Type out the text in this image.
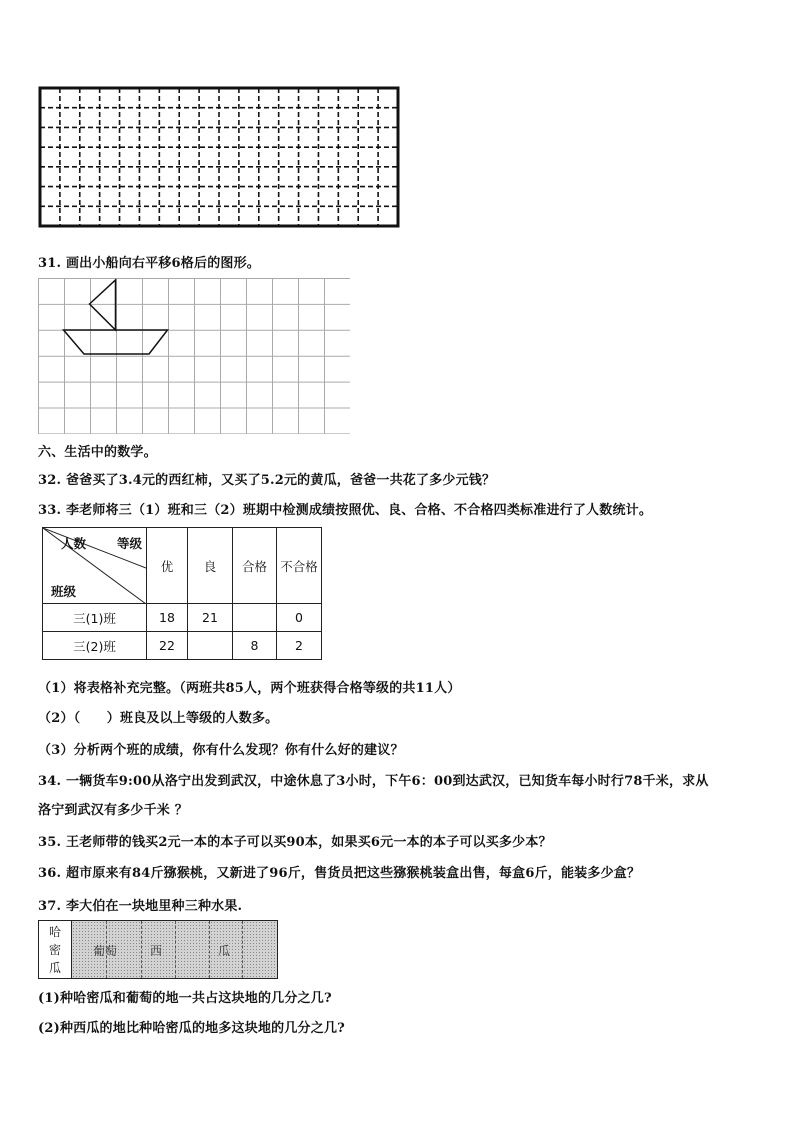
31. 画出小船向右平移6格后的图形。
六、生活中的数学。
32. 爸爸买了3.4元的西红柿，又买了5.2元的黄瓜，爸爸一共花了多少元钱？
33. 李老师将三（1）班和三（2）班期中检测成绩按照优、良、合格、不合格四类标准进行了人数统计。
人数 等级
班级	优	良	合格	不合格
三(1)班	18	21		0
三(2)班	22		8	2
（1）将表格补充完整。（两班共85人，两个班获得合格等级的共11人）
（2）（　　）班良及以上等级的人数多。
（3）分析两个班的成绩，你有什么发现？你有什么好的建议？
34. 一辆货车9:00从洛宁出发到武汉，中途休息了3小时，下午6：00到达武汉，已知货车每小时行78千米，求从
洛宁到武汉有多少千米 ？
35. 王老师带的钱买2元一本的本子可以买90本，如果买6元一本的本子可以买多少本？
36. 超市原来有84斤猕猴桃，又新进了96斤，售货员把这些猕猴桃装盒出售，每盒6斤，能装多少盒？
37. 李大伯在一块地里种三种水果.
哈
密
瓜
葡萄	西	瓜
(1)种哈密瓜和葡萄的地一共占这块地的几分之几?
(2)种西瓜的地比种哈密瓜的地多这块地的几分之几?
